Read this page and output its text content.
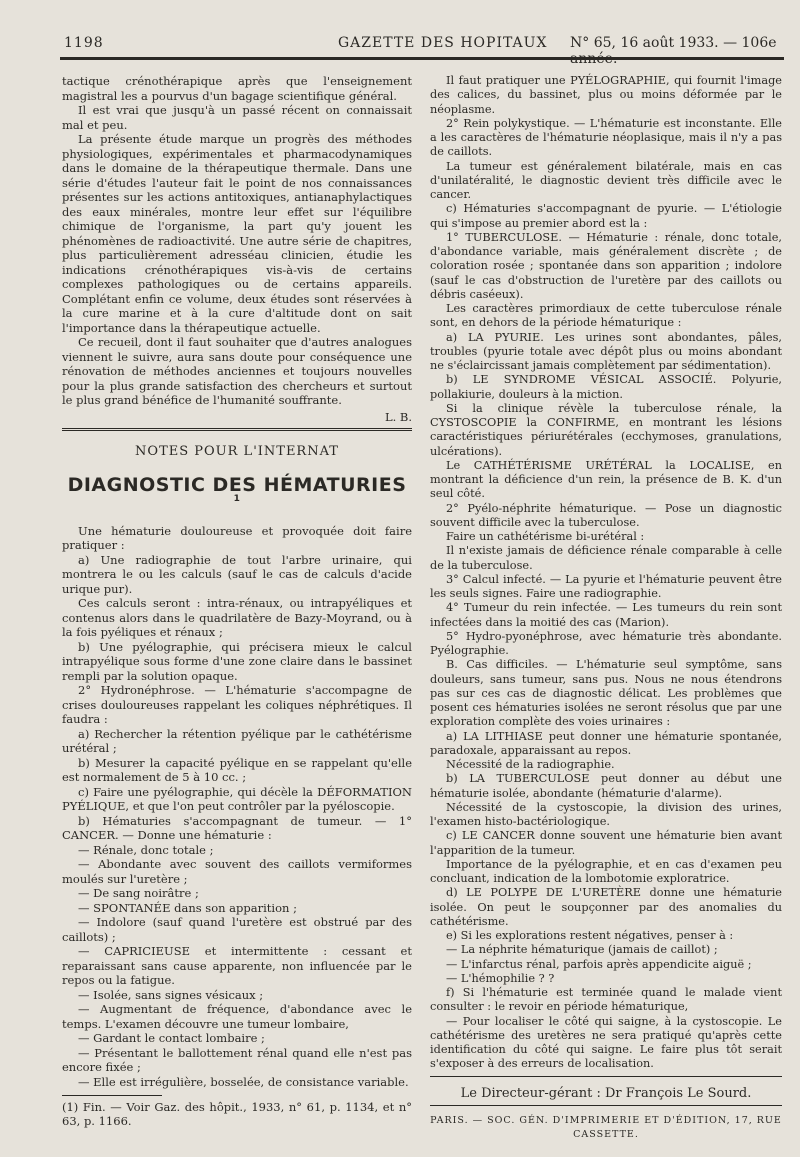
1198	GAZETTE DES HOPITAUX N° 65, 16 août 1933. — 106e année.

tactique crénothérapique après que l'enseignement magistral les a pourvus d'un bagage scientifique général.

Il est vrai que jusqu'à un passé récent on connaissait mal et peu.

La présente étude marque un progrès des méthodes physiologiques, expérimentales et pharmacodynamiques dans le domaine de la thérapeutique thermale. Dans une série d'études l'auteur fait le point de nos connaissances présentes sur les actions antitoxiques, antianaphylactiques des eaux minérales, montre leur effet sur l'équilibre chimique de l'organisme, la part qu'y jouent les phénomènes de radioactivité. Une autre série de chapitres, plus particulièrement adresséau clinicien, étudie les indications crénothérapiques vis-à-vis de certains complexes pathologiques ou de certains appareils. Complétant enfin ce volume, deux études sont réservées à la cure marine et à la cure d'altitude dont on sait l'importance dans la thérapeutique actuelle.

Ce recueil, dont il faut souhaiter que d'autres analogues viennent le suivre, aura sans doute pour conséquence une rénovation de méthodes anciennes et toujours nouvelles pour la plus grande satisfaction des chercheurs et surtout le plus grand bénéfice de l'humanité souffrante.

L. B.
NOTES POUR L'INTERNAT
DIAGNOSTIC DES HÉMATURIES $^1$

Une hématurie douloureuse et provoquée doit faire pratiquer :

a) Une radiographie de tout l'arbre urinaire, qui montrera le ou les calculs (sauf le cas de calculs d'acide urique pur).

Ces calculs seront : intra-rénaux, ou intrapyéliques et contenus alors dans le quadrilatère de Bazy-Moyrand, ou à la fois pyéliques et rénaux ;

b) Une pyélographie, qui précisera mieux le calcul intrapyélique sous forme d'une zone claire dans le bassinet rempli par la solution opaque.

2° Hydronéphrose. — L'hématurie s'accompagne de crises douloureuses rappelant les coliques néphrétiques. Il faudra :

a) Rechercher la rétention pyélique par le cathétérisme urétéral ;

b) Mesurer la capacité pyélique en se rappelant qu'elle est normalement de 5 à 10 cc. ;

c) Faire une pyélographie, qui décèle la DÉFORMATION PYÉLIQUE, et que l'on peut contrôler par la pyéloscopie.

b) Hématuries s'accompagnant de tumeur. — 1° CANCER. — Donne une hématurie :

— Rénale, donc totale ;

— Abondante avec souvent des caillots vermiformes moulés sur l'uretère ;

— De sang noirâtre ;

— SPONTANÉE dans son apparition ;

— Indolore (sauf quand l'uretère est obstrué par des caillots) ;

— CAPRICIEUSE et intermittente : cessant et reparaissant sans cause apparente, non influencée par le repos ou la fatigue.

— Isolée, sans signes vésicaux ;

— Augmentant de fréquence, d'abondance avec le temps. L'examen découvre une tumeur lombaire,

— Gardant le contact lombaire ;

— Présentant le ballottement rénal quand elle n'est pas encore fixée ;

— Elle est irrégulière, bosselée, de consistance variable.

(1) Fin. — Voir Gaz. des hôpit., 1933, n° 61, p. 1134, et n° 63, p. 1166.

Il faut pratiquer une PYÉLOGRAPHIE, qui fournit l'image des calices, du bassinet, plus ou moins déformée par le néoplasme.

2° Rein polykystique. — L'hématurie est inconstante. Elle a les caractères de l'hématurie néoplasique, mais il n'y a pas de caillots.

La tumeur est généralement bilatérale, mais en cas d'unilatéralité, le diagnostic devient très difficile avec le cancer.

c) Hématuries s'accompagnant de pyurie. — L'étiologie qui s'impose au premier abord est la :

1° TUBERCULOSE. — Hématurie : rénale, donc totale, d'abondance variable, mais généralement discrète ; de coloration rosée ; spontanée dans son apparition ; indolore (sauf le cas d'obstruction de l'uretère par des caillots ou débris caséeux).

Les caractères primordiaux de cette tuberculose rénale sont, en dehors de la période hématurique :

a) LA PYURIE. Les urines sont abondantes, pâles, troubles (pyurie totale avec dépôt plus ou moins abondant ne s'éclaircissant jamais complètement par sédimentation).

b) LE SYNDROME VÉSICAL ASSOCIÉ. Polyurie, pollakiurie, douleurs à la miction.

Si la clinique révèle la tuberculose rénale, la CYSTOSCOPIE la CONFIRME, en montrant les lésions caractéristiques périurétérales (ecchymoses, granulations, ulcérations).

Le CATHÉTÉRISME URÉTÉRAL la LOCALISE, en montrant la déficience d'un rein, la présence de B. K. d'un seul côté.

2° Pyélo-néphrite hématurique. — Pose un diagnostic souvent difficile avec la tuberculose.

Faire un cathétérisme bi-urétéral :

Il n'existe jamais de déficience rénale comparable à celle de la tuberculose.

3° Calcul infecté. — La pyurie et l'hématurie peuvent être les seuls signes. Faire une radiographie.

4° Tumeur du rein infectée. — Les tumeurs du rein sont infectées dans la moitié des cas (Marion).

5° Hydro-pyonéphrose, avec hématurie très abondante. Pyélographie.

B. Cas difficiles. — L'hématurie seul symptôme, sans douleurs, sans tumeur, sans pus. Nous ne nous étendrons pas sur ces cas de diagnostic délicat. Les problèmes que posent ces hématuries isolées ne seront résolus que par une exploration complète des voies urinaires :

a) LA LITHIASE peut donner une hématurie spontanée, paradoxale, apparaissant au repos.

Nécessité de la radiographie.

b) LA TUBERCULOSE peut donner au début une hématurie isolée, abondante (hématurie d'alarme).

Nécessité de la cystoscopie, la division des urines, l'examen histo-bactériologique.

c) LE CANCER donne souvent une hématurie bien avant l'apparition de la tumeur.

Importance de la pyélographie, et en cas d'examen peu concluant, indication de la lombotomie exploratrice.

d) LE POLYPE DE L'URETÈRE donne une hématurie isolée. On peut le soupçonner par des anomalies du cathétérisme.

e) Si les explorations restent négatives, penser à :

— La néphrite hématurique (jamais de caillot) ;

— L'infarctus rénal, parfois après appendicite aiguë ;

— L'hémophilie ? ?

f) Si l'hématurie est terminée quand le malade vient consulter : le revoir en période hématurique,

— Pour localiser le côté qui saigne, à la cystoscopie. Le cathétérisme des uretères ne sera pratiqué qu'après cette identification du côté qui saigne. Le faire plus tôt serait s'exposer à des erreurs de localisation.

Le Directeur-gérant : Dr François Le Sourd.
PARIS. — SOC. GÉN. D'IMPRIMERIE ET D'ÉDITION, 17, RUE CASSETTE.
